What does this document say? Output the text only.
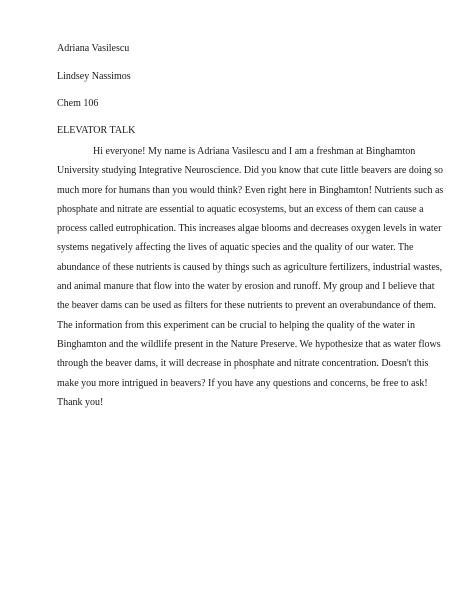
Adriana Vasilescu
Lindsey Nassimos
Chem 106
ELEVATOR TALK
Hi everyone! My name is Adriana Vasilescu and I am a freshman at Binghamton
University studying Integrative Neuroscience. Did you know that cute little beavers are doing so
much more for humans than you would think? Even right here in Binghamton! Nutrients such as
phosphate and nitrate are essential to aquatic ecosystems, but an excess of them can cause a
process called eutrophication. This increases algae blooms and decreases oxygen levels in water
systems negatively affecting the lives of aquatic species and the quality of our water. The
abundance of these nutrients is caused by things such as agriculture fertilizers, industrial wastes,
and animal manure that flow into the water by erosion and runoff. My group and I believe that
the beaver dams can be used as filters for these nutrients to prevent an overabundance of them.
The information from this experiment can be crucial to helping the quality of the water in
Binghamton and the wildlife present in the Nature Preserve. We hypothesize that as water flows
through the beaver dams, it will decrease in phosphate and nitrate concentration. Doesn't this
make you more intrigued in beavers? If you have any questions and concerns, be free to ask!
Thank you!
